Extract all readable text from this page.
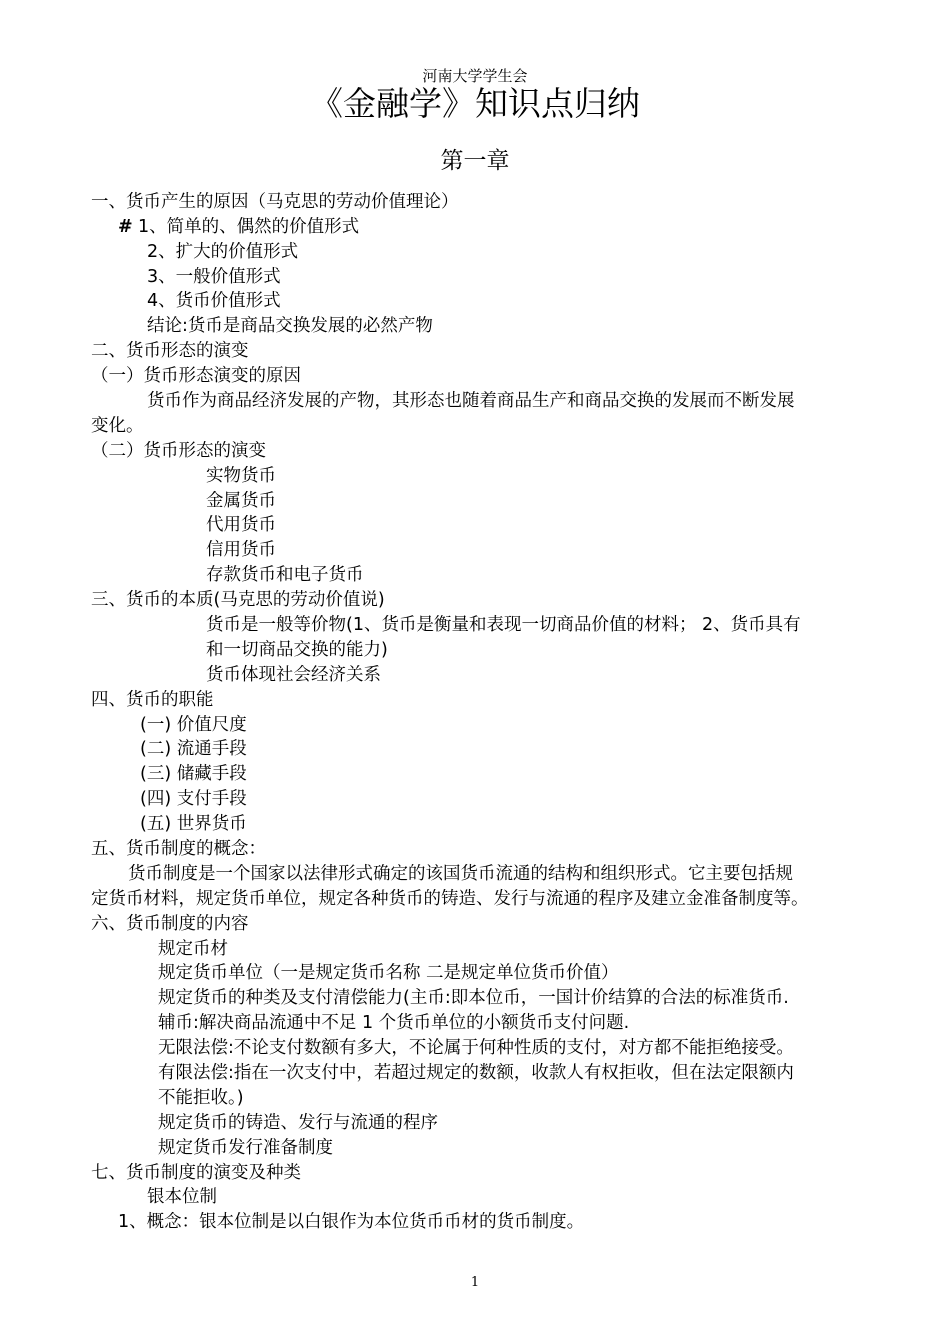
河南大学学生会
《金融学》知识点归纳
第一章
一、货币产生的原因（马克思的劳动价值理论）
# 1、简单的、偶然的价值形式
2、扩大的价值形式
3、一般价值形式
4、货币价值形式
结论:货币是商品交换发展的必然产物
二、货币形态的演变
（一）货币形态演变的原因
货币作为商品经济发展的产物，其形态也随着商品生产和商品交换的发展而不断发展
变化。
（二）货币形态的演变
实物货币
金属货币
代用货币
信用货币
存款货币和电子货币
三、货币的本质(马克思的劳动价值说)
货币是一般等价物(1、货币是衡量和表现一切商品价值的材料； 2、货币具有
和一切商品交换的能力)
货币体现社会经济关系
四、货币的职能
(一) 价值尺度
(二) 流通手段
(三) 储藏手段
(四) 支付手段
(五) 世界货币
五、货币制度的概念：
货币制度是一个国家以法律形式确定的该国货币流通的结构和组织形式。它主要包括规
定货币材料，规定货币单位，规定各种货币的铸造、发行与流通的程序及建立金准备制度等。
六、货币制度的内容
规定币材
规定货币单位（一是规定货币名称 二是规定单位货币价值）
规定货币的种类及支付清偿能力(主币:即本位币，一国计价结算的合法的标准货币.
辅币:解决商品流通中不足 1 个货币单位的小额货币支付问题.
无限法偿:不论支付数额有多大，不论属于何种性质的支付，对方都不能拒绝接受。
有限法偿:指在一次支付中，若超过规定的数额，收款人有权拒收，但在法定限额内
不能拒收。)
规定货币的铸造、发行与流通的程序
规定货币发行准备制度
七、货币制度的演变及种类
银本位制
1、概念：银本位制是以白银作为本位货币币材的货币制度。
1
